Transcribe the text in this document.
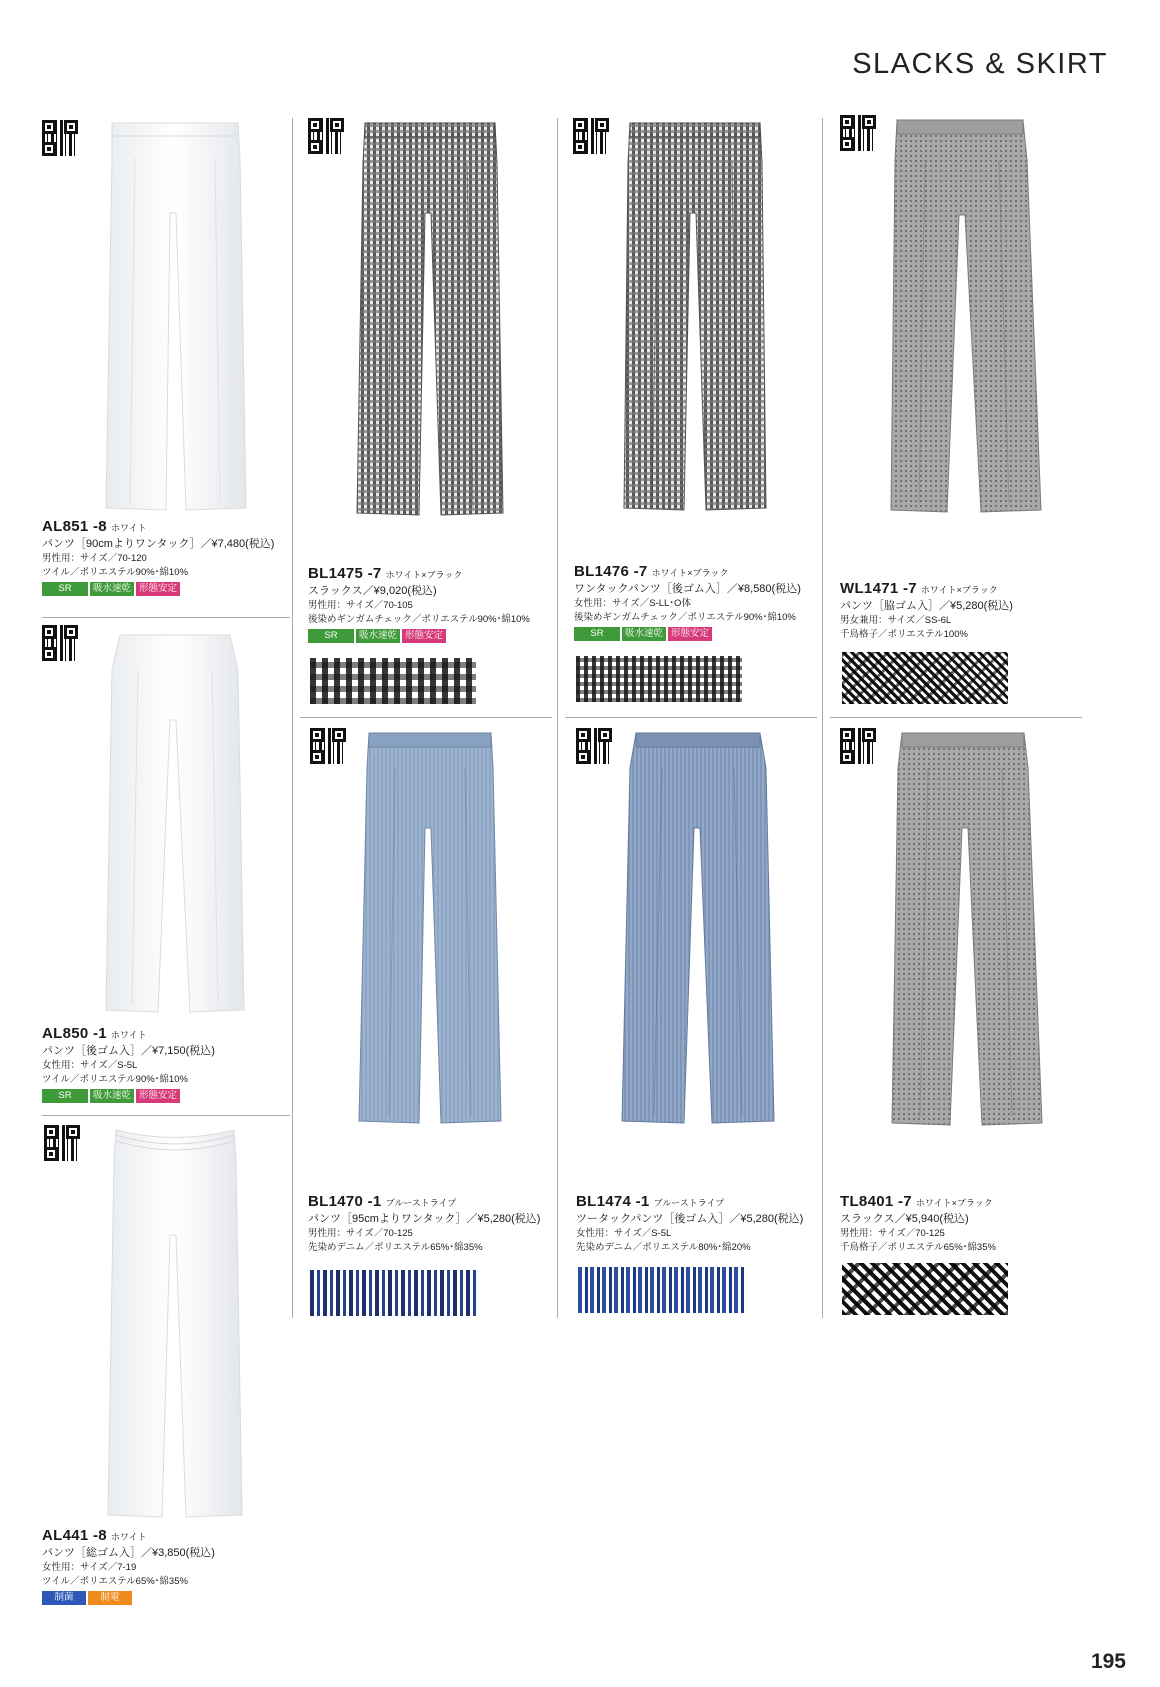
SLACKS & SKIRT
AL851 -8 ホワイト
パンツ［90cmよりワンタック］／¥7,480(税込)
男性用：サイズ／70-120
ツイル／ポリエステル90%･綿10%
SR	吸水速乾 形態安定
AL850 -1 ホワイト
パンツ［後ゴム入］／¥7,150(税込)
女性用：サイズ／S-5L
ツイル／ポリエステル90%･綿10%
SR	吸水速乾 形態安定
AL441 -8 ホワイト
パンツ［総ゴム入］／¥3,850(税込)
女性用：サイズ／7-19
ツイル／ポリエステル65%･綿35%
制菌	制電
BL1475 -7 ホワイト×ブラック
スラックス／¥9,020(税込)
男性用：サイズ／70-105
後染めギンガムチェック／ポリエステル90%･綿10%
SR	吸水速乾 形態安定
BL1470 -1 ブルーストライプ
パンツ［95cmよりワンタック］／¥5,280(税込)
男性用：サイズ／70-125
先染めデニム／ポリエステル65%･綿35%
BL1476 -7 ホワイト×ブラック
ワンタックパンツ［後ゴム入］／¥8,580(税込)
女性用：サイズ／S-LL･O体
後染めギンガムチェック／ポリエステル90%･綿10%
SR	吸水速乾 形態安定
BL1474 -1 ブルーストライプ
ツータックパンツ［後ゴム入］／¥5,280(税込)
女性用：サイズ／S-5L
先染めデニム／ポリエステル80%･綿20%
WL1471 -7 ホワイト×ブラック
パンツ［脇ゴム入］／¥5,280(税込)
男女兼用：サイズ／SS-6L
千鳥格子／ポリエステル100%
TL8401 -7 ホワイト×ブラック
スラックス／¥5,940(税込)
男性用：サイズ／70-125
千鳥格子／ポリエステル65%･綿35%
195
